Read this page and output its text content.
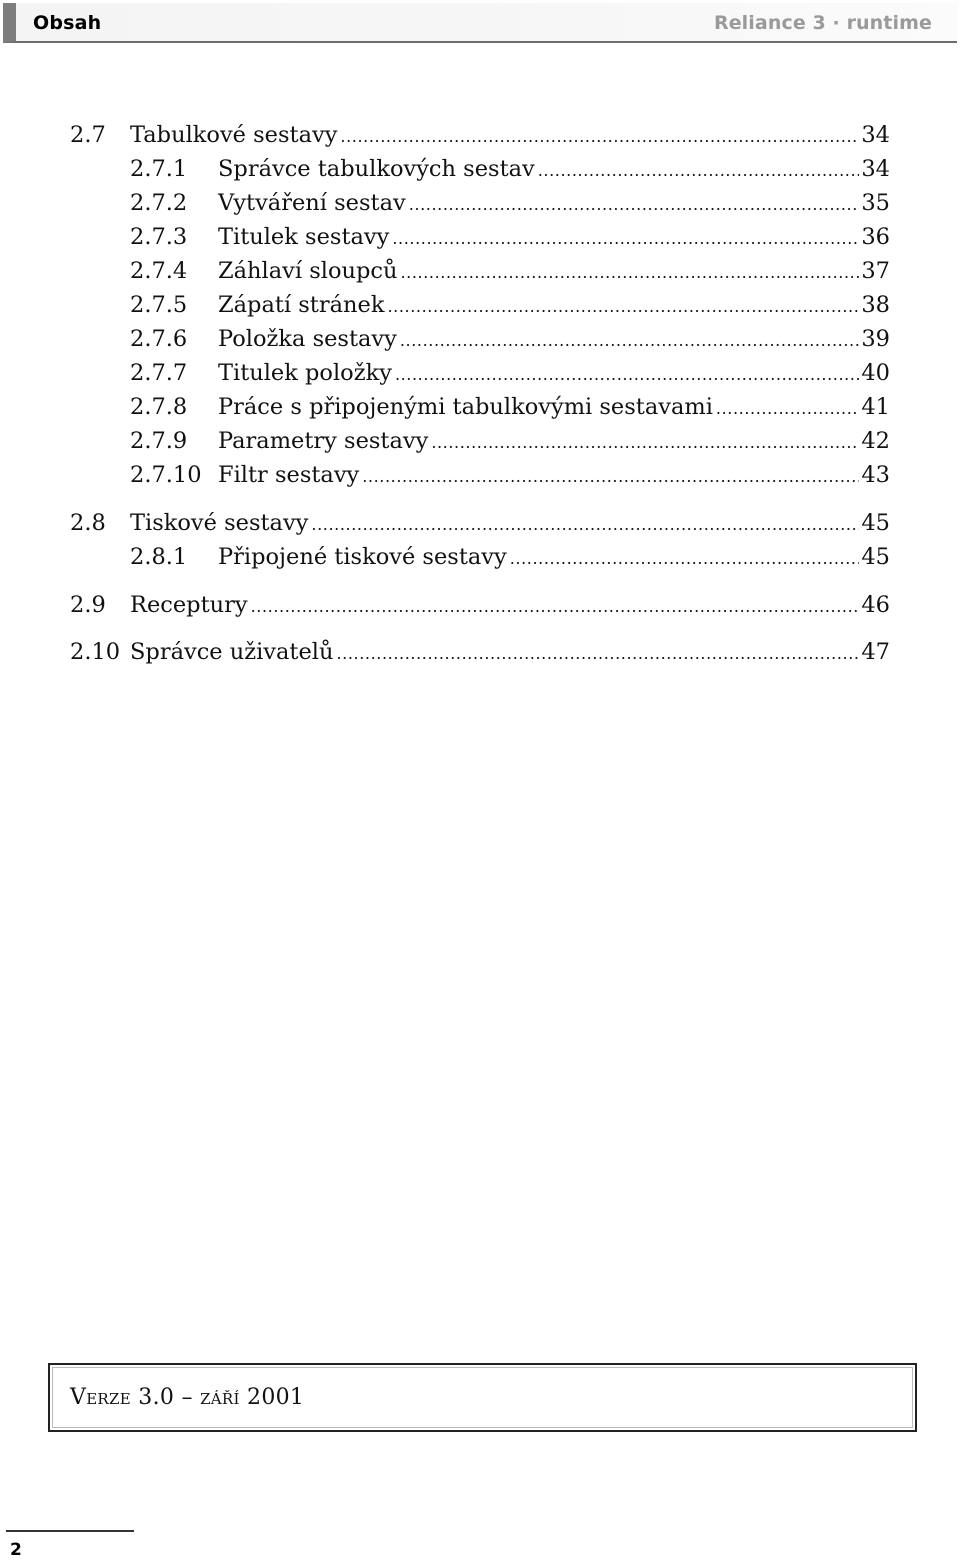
Obsah	Reliance 3 · runtime
2.7	Tabulkové sestavy .....	34
2.7.1	Správce tabulkových sestav .....	34
2.7.2	Vytváření sestav .....	35
2.7.3	Titulek sestavy .....	36
2.7.4	Záhlaví sloupců .....	37
2.7.5	Zápatí stránek .....	38
2.7.6	Položka sestavy .....	39
2.7.7	Titulek položky .....	40
2.7.8	Práce s připojenými tabulkovými sestavami .....	41
2.7.9	Parametry sestavy .....	42
2.7.10 Filtr sestavy .....	43
2.8	Tiskové sestavy .....	45
2.8.1	Připojené tiskové sestavy .....	45
2.9	Receptury .....	46
2.10 Správce uživatelů .....	47
Verze 3.0 – září 2001
2
